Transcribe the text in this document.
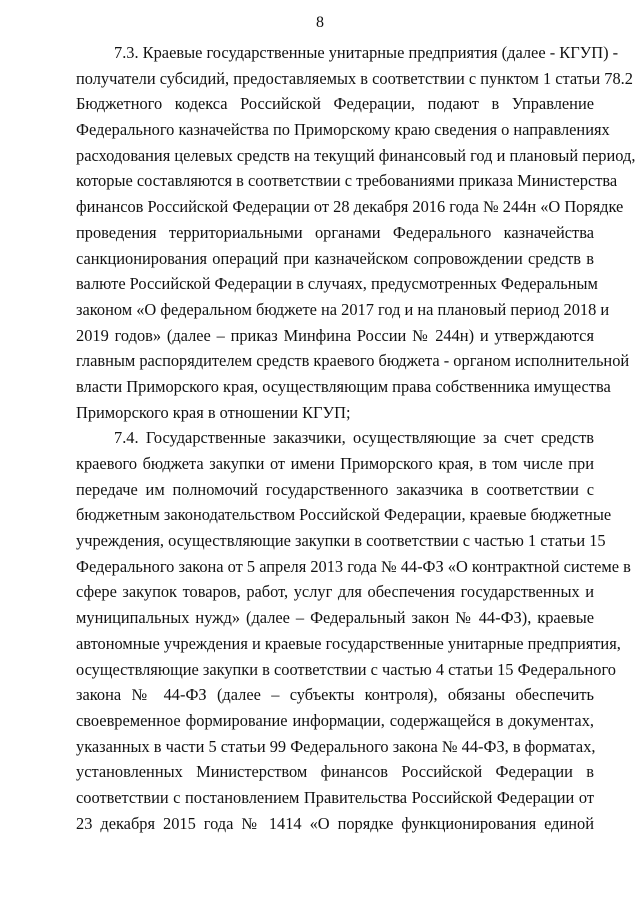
8
7.3. Краевые государственные унитарные предприятия (далее - КГУП) -
получатели субсидий, предоставляемых в соответствии с пунктом 1 статьи 78.2
Бюджетного кодекса Российской Федерации, подают в Управление
Федерального казначейства по Приморскому краю сведения о направлениях
расходования целевых средств на текущий финансовый год и плановый период,
которые составляются в соответствии с требованиями приказа Министерства
финансов Российской Федерации от 28 декабря 2016 года № 244н «О Порядке
проведения территориальными органами Федерального казначейства
санкционирования операций при казначейском сопровождении средств в
валюте Российской Федерации в случаях, предусмотренных Федеральным
законом «О федеральном бюджете на 2017 год и на плановый период 2018 и
2019 годов» (далее – приказ Минфина России № 244н) и утверждаются
главным распорядителем средств краевого бюджета - органом исполнительной
власти Приморского края, осуществляющим права собственника имущества
Приморского края в отношении КГУП;
7.4. Государственные заказчики, осуществляющие за счет средств
краевого бюджета закупки от имени Приморского края, в том числе при
передаче им полномочий государственного заказчика в соответствии с
бюджетным законодательством Российской Федерации, краевые бюджетные
учреждения, осуществляющие закупки в соответствии с частью 1 статьи 15
Федерального закона от 5 апреля 2013 года № 44-ФЗ «О контрактной системе в
сфере закупок товаров, работ, услуг для обеспечения государственных и
муниципальных нужд» (далее – Федеральный закон № 44-ФЗ), краевые
автономные учреждения и краевые государственные унитарные предприятия,
осуществляющие закупки в соответствии с частью 4 статьи 15 Федерального
закона № 44-ФЗ (далее – субъекты контроля), обязаны обеспечить
своевременное формирование информации, содержащейся в документах,
указанных в части 5 статьи 99 Федерального закона № 44-ФЗ, в форматах,
установленных Министерством финансов Российской Федерации в
соответствии с постановлением Правительства Российской Федерации от
23 декабря 2015 года № 1414 «О порядке функционирования единой
